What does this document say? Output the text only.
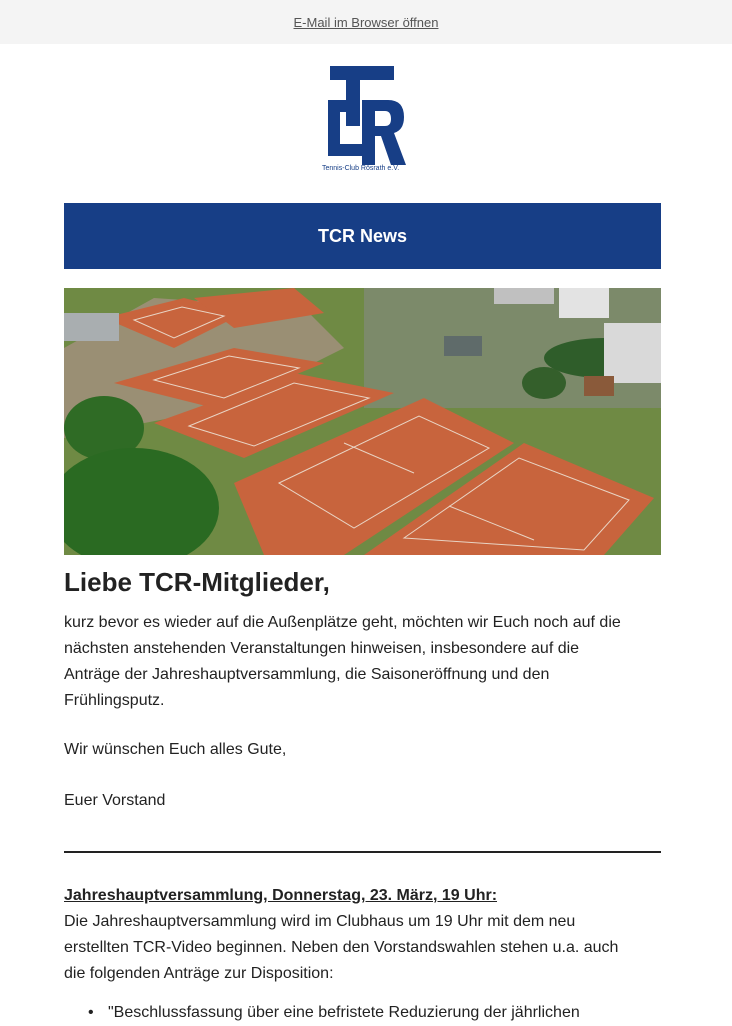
E-Mail im Browser öffnen
Tennis-Club Rösrath e.V.
TCR News
Liebe TCR-Mitglieder,

kurz bevor es wieder auf die Außenplätze geht, möchten wir Euch noch auf die

nächsten anstehenden Veranstaltungen hinweisen, insbesondere auf die

Anträge der Jahreshauptversammlung, die Saisoneröffnung und den

Frühlingsputz.

Wir wünschen Euch alles Gute,

Euer Vorstand

Jahreshauptversammlung, Donnerstag, 23. März, 19 Uhr:

Die Jahreshauptversammlung wird im Clubhaus um 19 Uhr mit dem neu

erstellten TCR-Video beginnen. Neben den Vorstandswahlen stehen u.a. auch

die folgenden Anträge zur Disposition:

• "Beschlussfassung über eine befristete Reduzierung der jährlichen
